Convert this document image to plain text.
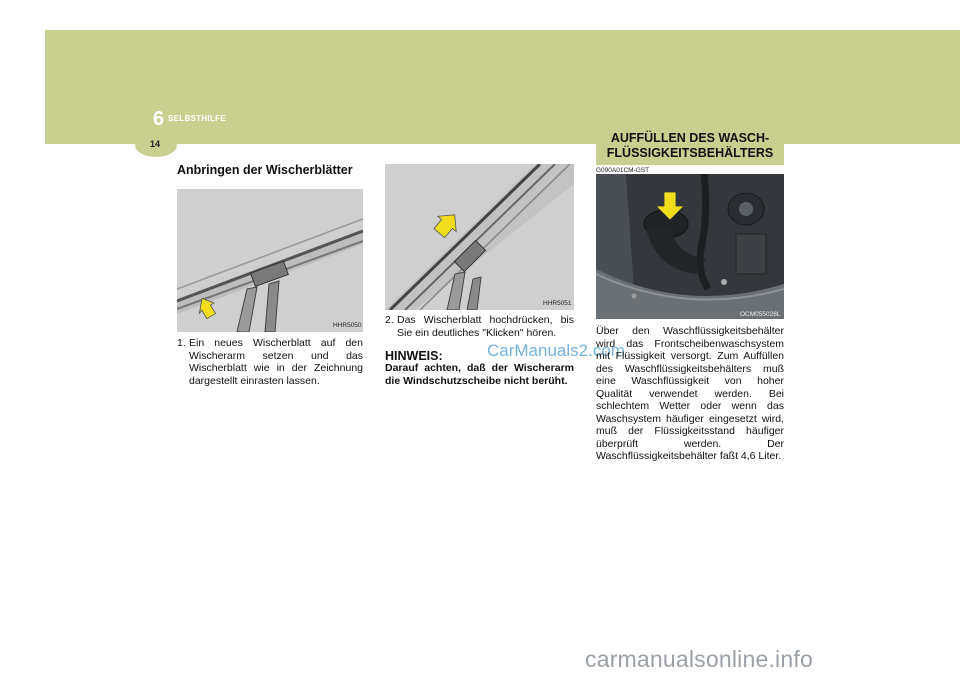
6 SELBSTHILFE
14
Anbringen der Wischerblätter
HHR5050
1. Ein neues Wischerblatt auf den Wischerarm setzen und das Wischerblatt wie in der Zeichnung dargestellt einrasten lassen.
HHR5051
2. Das Wischerblatt hochdrücken, bis Sie ein deutliches "Klicken" hören.
HINWEIS:
Darauf achten, daß der Wischerarm die Windschutzscheibe nicht berüht.
CarManuals2.com
AUFFÜLLEN DES WASCH-FLÜSSIGKEITSBEHÄLTERS
G090A01CM-GST
OCM055028L
Über den Waschflüssigkeitsbehälter wird das Frontscheibenwaschsystem mit Flüssigkeit versorgt. Zum Auffüllen des Waschflüssigkeitsbehälters muß eine Waschflüssigkeit von hoher Qualität verwendet werden. Bei schlechtem Wetter oder wenn das Waschsystem häufiger eingesetzt wird, muß der Flüssigkeitsstand häufiger überprüft werden. Der Waschflüssigkeitsbehälter faßt 4,6 Liter.
carmanualsonline.info
